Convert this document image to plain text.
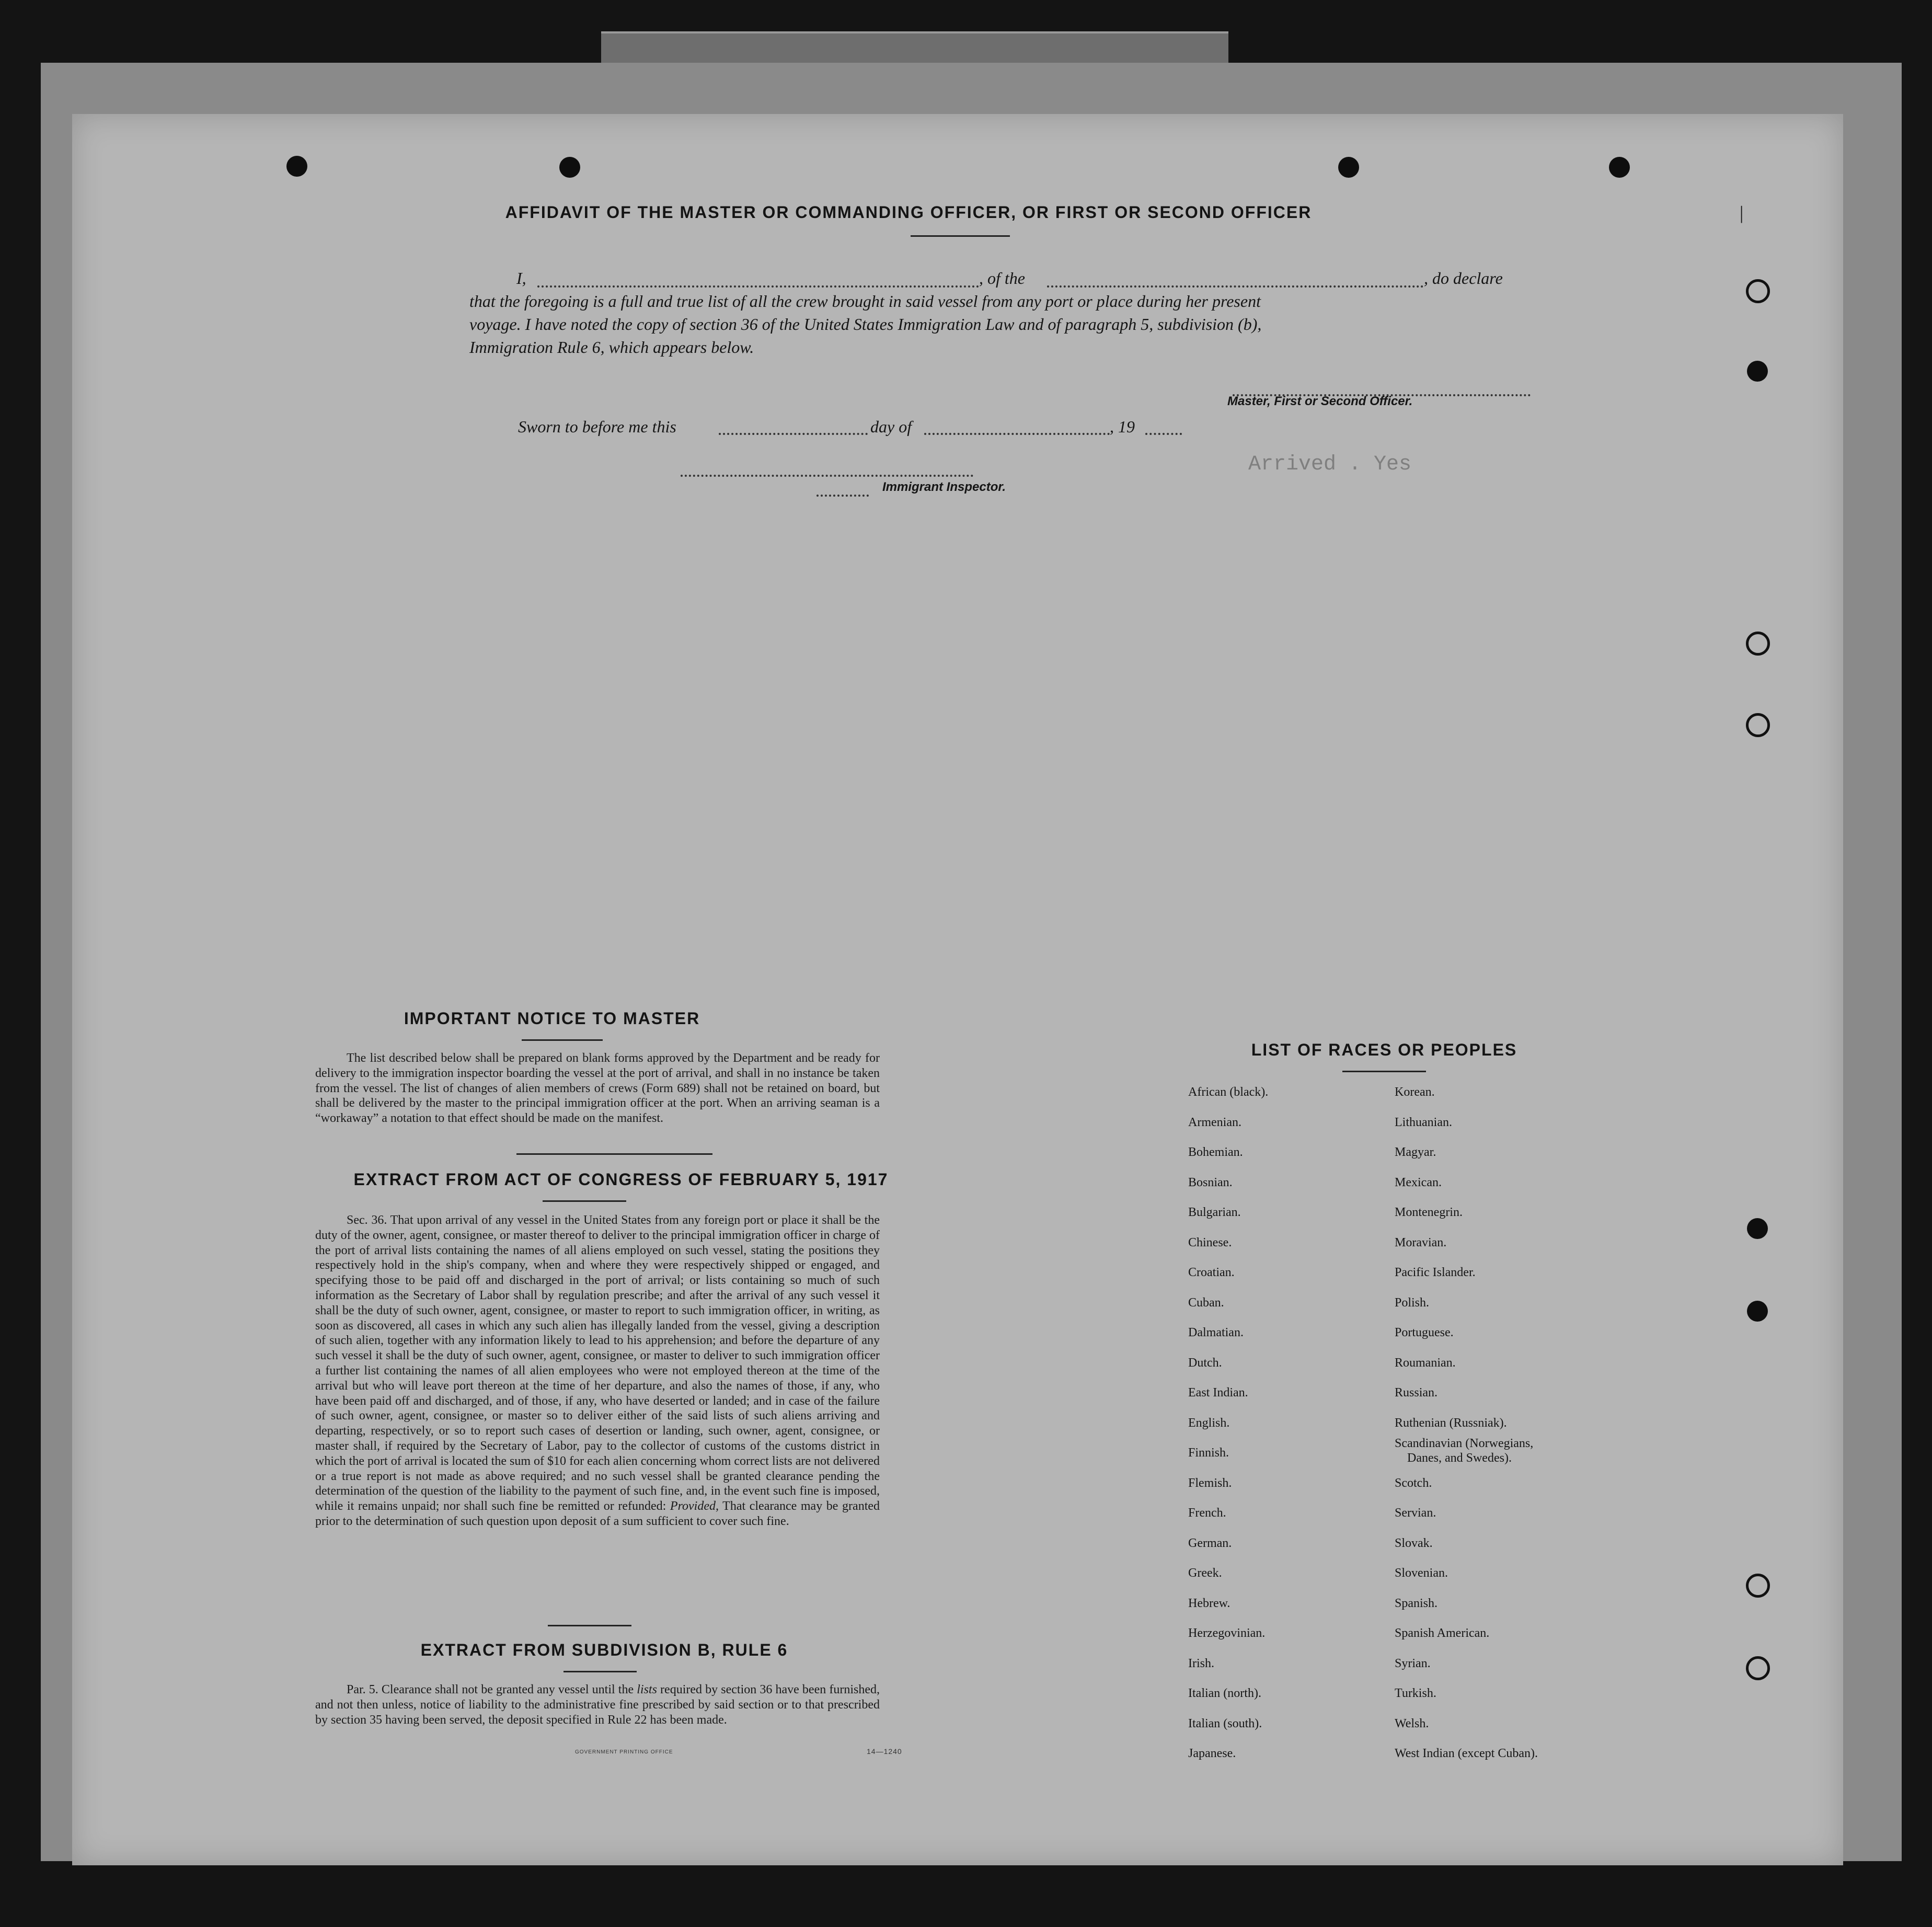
|
AFFIDAVIT OF THE MASTER OR COMMANDING OFFICER, OR FIRST OR SECOND OFFICER
I,	, of the	, do declare
that the foregoing is a full and true list of all the crew brought in said vessel from any port or place during her present
voyage. I have noted the copy of section 36 of the United States Immigration Law and of paragraph 5, subdivision (b),
Immigration Rule 6, which appears below.
Master, First or Second Officer.
Sworn to before me this	day of	, 19
Arrived . Yes
Immigrant Inspector.
IMPORTANT NOTICE TO MASTER

The list described below shall be prepared on blank forms approved by the Department and be ready for delivery to the immigration inspector boarding the vessel at the port of arrival, and shall in no instance be taken from the vessel. The list of changes of alien members of crews (Form 689) shall not be retained on board, but shall be delivered by the master to the principal immigration officer at the port. When an arriving seaman is a “workaway” a notation to that effect should be made on the manifest.

EXTRACT FROM ACT OF CONGRESS OF FEBRUARY 5, 1917

Sec. 36. That upon arrival of any vessel in the United States from any foreign port or place it shall be the duty of the owner, agent, consignee, or master thereof to deliver to the principal immigration officer in charge of the port of arrival lists containing the names of all aliens employed on such vessel, stating the positions they respectively hold in the ship's company, when and where they were respectively shipped or engaged, and specifying those to be paid off and discharged in the port of arrival; or lists containing so much of such information as the Secretary of Labor shall by regulation prescribe; and after the arrival of any such vessel it shall be the duty of such owner, agent, consignee, or master to report to such immigration officer, in writing, as soon as discovered, all cases in which any such alien has illegally landed from the vessel, giving a description of such alien, together with any information likely to lead to his apprehension; and before the departure of any such vessel it shall be the duty of such owner, agent, consignee, or master to deliver to such immigration officer a further list containing the names of all alien employees who were not employed thereon at the time of the arrival but who will leave port thereon at the time of her departure, and also the names of those, if any, who have been paid off and discharged, and of those, if any, who have deserted or landed; and in case of the failure of such owner, agent, consignee, or master so to deliver either of the said lists of such aliens arriving and departing, respectively, or so to report such cases of desertion or landing, such owner, agent, consignee, or master shall, if required by the Secretary of Labor, pay to the collector of customs of the customs district in which the port of arrival is located the sum of $10 for each alien concerning whom correct lists are not delivered or a true report is not made as above required; and no such vessel shall be granted clearance pending the determination of the question of the liability to the payment of such fine, and, in the event such fine is imposed, while it remains unpaid; nor shall such fine be remitted or refunded: Provided, That clearance may be granted prior to the determination of such question upon deposit of a sum sufficient to cover such fine.

EXTRACT FROM SUBDIVISION B, RULE 6

Par. 5. Clearance shall not be granted any vessel until the lists required by section 36 have been furnished, and not then unless, notice of liability to the administrative fine prescribed by said section or to that prescribed by section 35 having been served, the deposit specified in Rule 22 has been made.

GOVERNMENT PRINTING OFFICE	14—1240
LIST OF RACES OR PEOPLES
African (black).
Armenian.
Bohemian.
Bosnian.
Bulgarian.
Chinese.
Croatian.
Cuban.
Dalmatian.
Dutch.
East Indian.
English.
Finnish.
Flemish.
French.
German.
Greek.
Hebrew.
Herzegovinian.
Irish.
Italian (north).
Italian (south).
Japanese.
Korean.
Lithuanian.
Magyar.
Mexican.
Montenegrin.
Moravian.
Pacific Islander.
Polish.
Portuguese.
Roumanian.
Russian.
Ruthenian (Russniak).
Scandinavian (Norwegians,
Danes, and Swedes).
Scotch.
Servian.
Slovak.
Slovenian.
Spanish.
Spanish American.
Syrian.
Turkish.
Welsh.
West Indian (except Cuban).
